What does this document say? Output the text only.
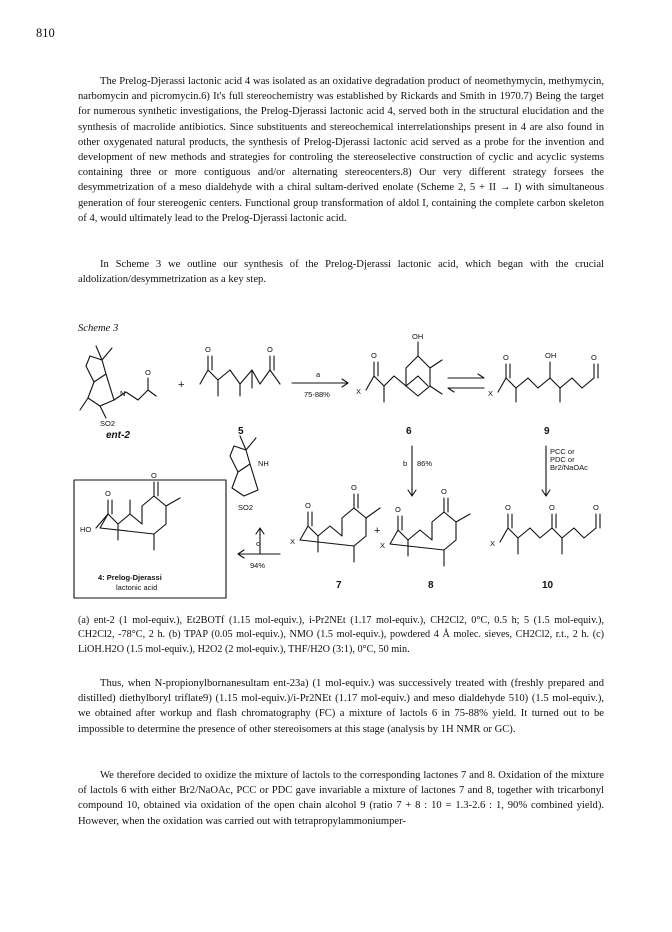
810

The Prelog-Djerassi lactonic acid 4 was isolated as an oxidative degradation product of neomethymycin, methymycin, narbomycin and picromycin.6) It's full stereochemistry was established by Rickards and Smith in 1970.7) Being the target for numerous synthetic investigations, the Prelog-Djerassi lactonic acid 4, served both in the structural elucidation and the synthesis of macrolide antibiotics. Since substituents and stereochemical interrelationships present in 4 are also found in other oxygenated natural products, the synthesis of Prelog-Djerassi lactonic acid served as a probe for the invention and development of new methods and strategies for controling the stereoselective construction of cyclic and acyclic systems containing three or more contiguous and/or alternating stereocenters.8) Our very different strategy forsees the desymmetrization of a meso dialdehyde with a chiral sultam-derived enolate (Scheme 2, 5 + II → I) with simultaneous generation of four stereogenic centers. Functional group transformation of aldol I, containing the complete carbon skeleton of 4, would ultimately lead to the Prelog-Djerassi lactonic acid.

In Scheme 3 we outline our synthesis of the Prelog-Djerassi lactonic acid, which began with the crucial aldolization/desymmetrization as a key step.

Scheme 3
N
SO2
O
O	O
O
OH
X	X
O	OH	O
NH
SO2
HO
O
O
X
O
O
X
O
O
X
O	O	O
+
+
a
75-88%
b 86%
c
94%
PCC or
PDC or
Br2/NaOAc
ent-2	5	6	9
7	8	10
4: Prelog-Djerassi
lactonic acid

(a) ent-2 (1 mol-equiv.), Et2BOTf (1.15 mol-equiv.), i-Pr2NEt (1.17 mol-equiv.), CH2Cl2, 0°C, 0.5 h; 5 (1.5 mol-equiv.), CH2Cl2, -78°C, 2 h. (b) TPAP (0.05 mol-equiv.), NMO (1.5 mol-equiv.), powdered 4 Å molec. sieves, CH2Cl2, r.t., 2 h. (c) LiOH.H2O (1.5 mol-equiv.), H2O2 (2 mol-equiv.), THF/H2O (3:1), 0°C, 50 min.

Thus, when N-propionylbornanesultam ent-23a) (1 mol-equiv.) was successively treated with (freshly prepared and distilled) diethylboryl triflate9) (1.15 mol-equiv.)/i-Pr2NEt (1.17 mol-equiv.) and meso dialdehyde 510) (1.5 mol-equiv.), we obtained after workup and flash chromatography (FC) a mixture of lactols 6 in 75-88% yield. It turned out to be impossible to determine the presence of other stereoisomers at this stage (analysis by 1H NMR or GC).

We therefore decided to oxidize the mixture of lactols to the corresponding lactones 7 and 8. Oxidation of the mixture of lactols 6 with either Br2/NaOAc, PCC or PDC gave invariable a mixture of lactones 7 and 8, together with tricarbonyl compound 10, obtained via oxidation of the open chain alcohol 9 (ratio 7 + 8 : 10 = 1.3-2.6 : 1, 90% combined yield). However, when the oxidation was carried out with tetrapropylammoniumper-
